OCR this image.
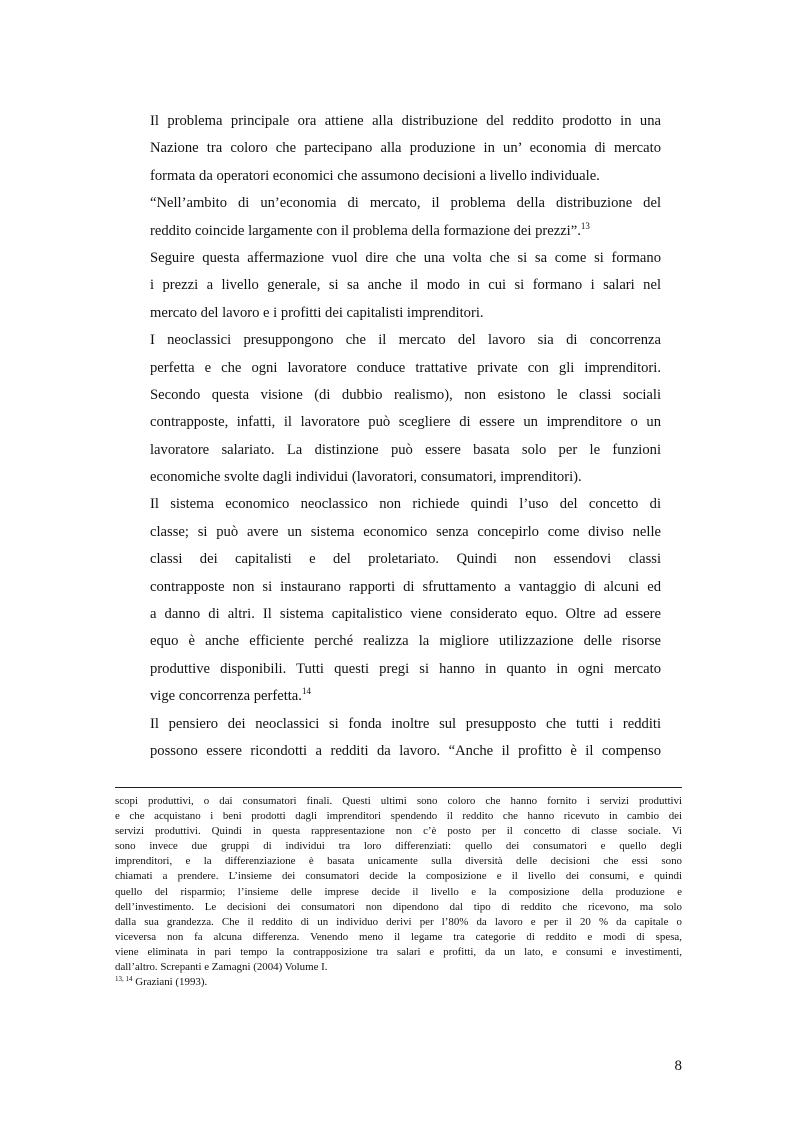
Il problema principale ora attiene alla distribuzione del reddito prodotto in una
Nazione tra coloro che partecipano alla produzione in un’ economia di mercato
formata da operatori economici che assumono decisioni a livello individuale.
“Nell’ambito di un’economia di mercato, il problema della distribuzione del
reddito coincide largamente con il problema della formazione dei prezzi”.$^{13}$
Seguire questa affermazione vuol dire che una volta che si sa come si formano
i prezzi a livello generale, si sa anche il modo in cui si formano i salari nel
mercato del lavoro e i profitti dei capitalisti imprenditori.
I neoclassici presuppongono che il mercato del lavoro sia di concorrenza
perfetta e che ogni lavoratore conduce trattative private con gli imprenditori.
Secondo questa visione (di dubbio realismo), non esistono le classi sociali
contrapposte, infatti, il lavoratore può scegliere di essere un imprenditore o un
lavoratore salariato. La distinzione può essere basata solo per le funzioni
economiche svolte dagli individui (lavoratori, consumatori, imprenditori).
Il sistema economico neoclassico non richiede quindi l’uso del concetto di
classe; si può avere un sistema economico senza concepirlo come diviso nelle
classi dei capitalisti e del proletariato. Quindi non essendovi classi
contrapposte non si instaurano rapporti di sfruttamento a vantaggio di alcuni ed
a danno di altri. Il sistema capitalistico viene considerato equo. Oltre ad essere
equo è anche efficiente perché realizza la migliore utilizzazione delle risorse
produttive disponibili. Tutti questi pregi si hanno in quanto in ogni mercato
vige concorrenza perfetta.$^{14}$
Il pensiero dei neoclassici si fonda inoltre sul presupposto che tutti i redditi
possono essere ricondotti a redditi da lavoro. “Anche il profitto è il compenso
scopi produttivi, o dai consumatori finali. Questi ultimi sono coloro che hanno fornito i servizi produttivi
e che acquistano i beni prodotti dagli imprenditori spendendo il reddito che hanno ricevuto in cambio dei
servizi produttivi. Quindi in questa rappresentazione non c’è posto per il concetto di classe sociale. Vi
sono invece due gruppi di individui tra loro differenziati: quello dei consumatori e quello degli
imprenditori, e la differenziazione è basata unicamente sulla diversità delle decisioni che essi sono
chiamati a prendere. L’insieme dei consumatori decide la composizione e il livello dei consumi, e quindi
quello del risparmio; l’insieme delle imprese decide il livello e la composizione della produzione e
dell’investimento. Le decisioni dei consumatori non dipendono dal tipo di reddito che ricevono, ma solo
dalla sua grandezza. Che il reddito di un individuo derivi per l’80% da lavoro e per il 20 % da capitale o
viceversa non fa alcuna differenza. Venendo meno il legame tra categorie di reddito e modi di spesa,
viene eliminata in pari tempo la contrapposizione tra salari e profitti, da un lato, e consumi e investimenti,
dall’altro. Screpanti e Zamagni (2004) Volume I.
$^{13, 14}$ Graziani (1993).
8
